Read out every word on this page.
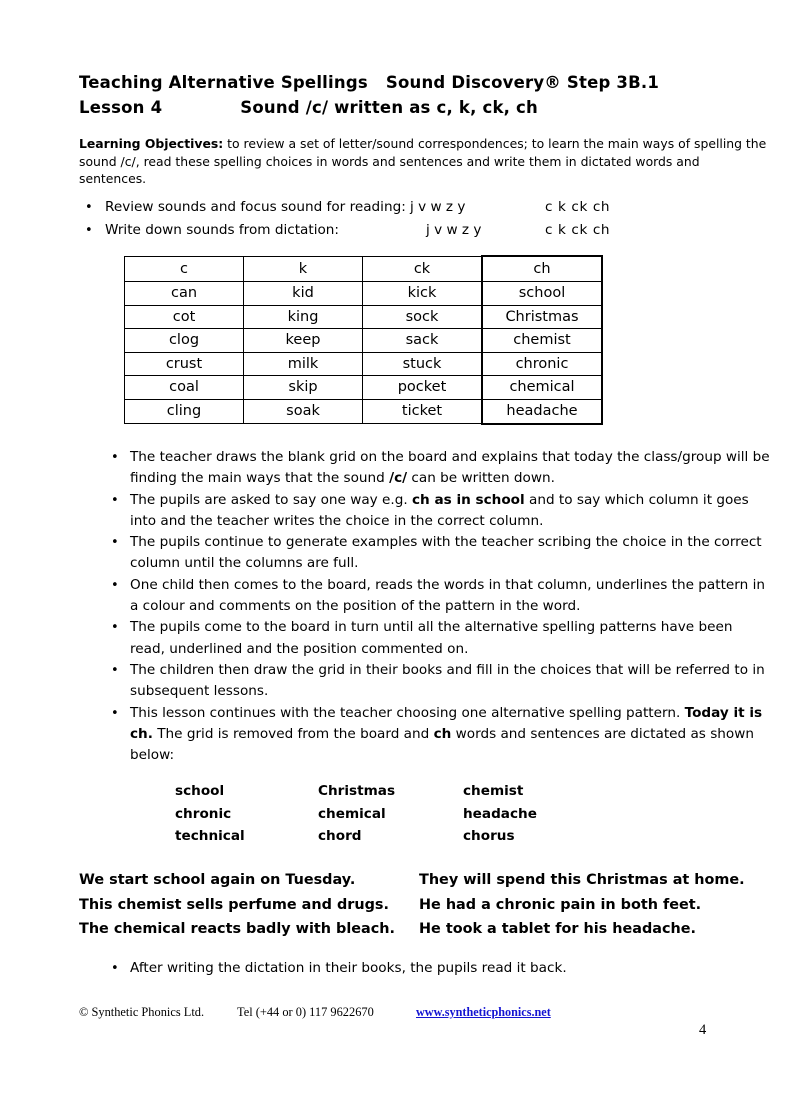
Teaching Alternative Spellings Sound Discovery® Step 3B.1
Lesson 4	Sound /c/ written as c, k, ck, ch
Learning Objectives: to review a set of letter/sound correspondences; to learn the main ways of spelling the sound /c/, read these spelling choices in words and sentences and write them in dictated words and sentences.
• Review sounds and focus sound for reading: j v w z y	c k ck ch
• Write down sounds from dictation:	j v w z y	c k ck ch
c	k	ck	ch
can	kid	kick	school
cot	king	sock	Christmas
clog	keep	sack	chemist
crust	milk	stuck	chronic
coal	skip	pocket	chemical
cling	soak	ticket	headache
• The teacher draws the blank grid on the board and explains that today the class/group will be finding the main ways that the sound /c/ can be written down.
• The pupils are asked to say one way e.g. ch as in school and to say which column it goes into and the teacher writes the choice in the correct column.
• The pupils continue to generate examples with the teacher scribing the choice in the correct column until the columns are full.
• One child then comes to the board, reads the words in that column, underlines the pattern in a colour and comments on the position of the pattern in the word.
• The pupils come to the board in turn until all the alternative spelling patterns have been read, underlined and the position commented on.
• The children then draw the grid in their books and fill in the choices that will be referred to in subsequent lessons.
• This lesson continues with the teacher choosing one alternative spelling pattern. Today it is ch. The grid is removed from the board and ch words and sentences are dictated as shown below:
school	Christmas	chemist
chronic	chemical	headache
technical	chord	chorus
We start school again on Tuesday.	They will spend this Christmas at home.
This chemist sells perfume and drugs. He had a chronic pain in both feet.
The chemical reacts badly with bleach. He took a tablet for his headache.
• After writing the dictation in their books, the pupils read it back.
© Synthetic Phonics Ltd.	Tel (+44 or 0) 117 9622670	www.syntheticphonics.net
4
